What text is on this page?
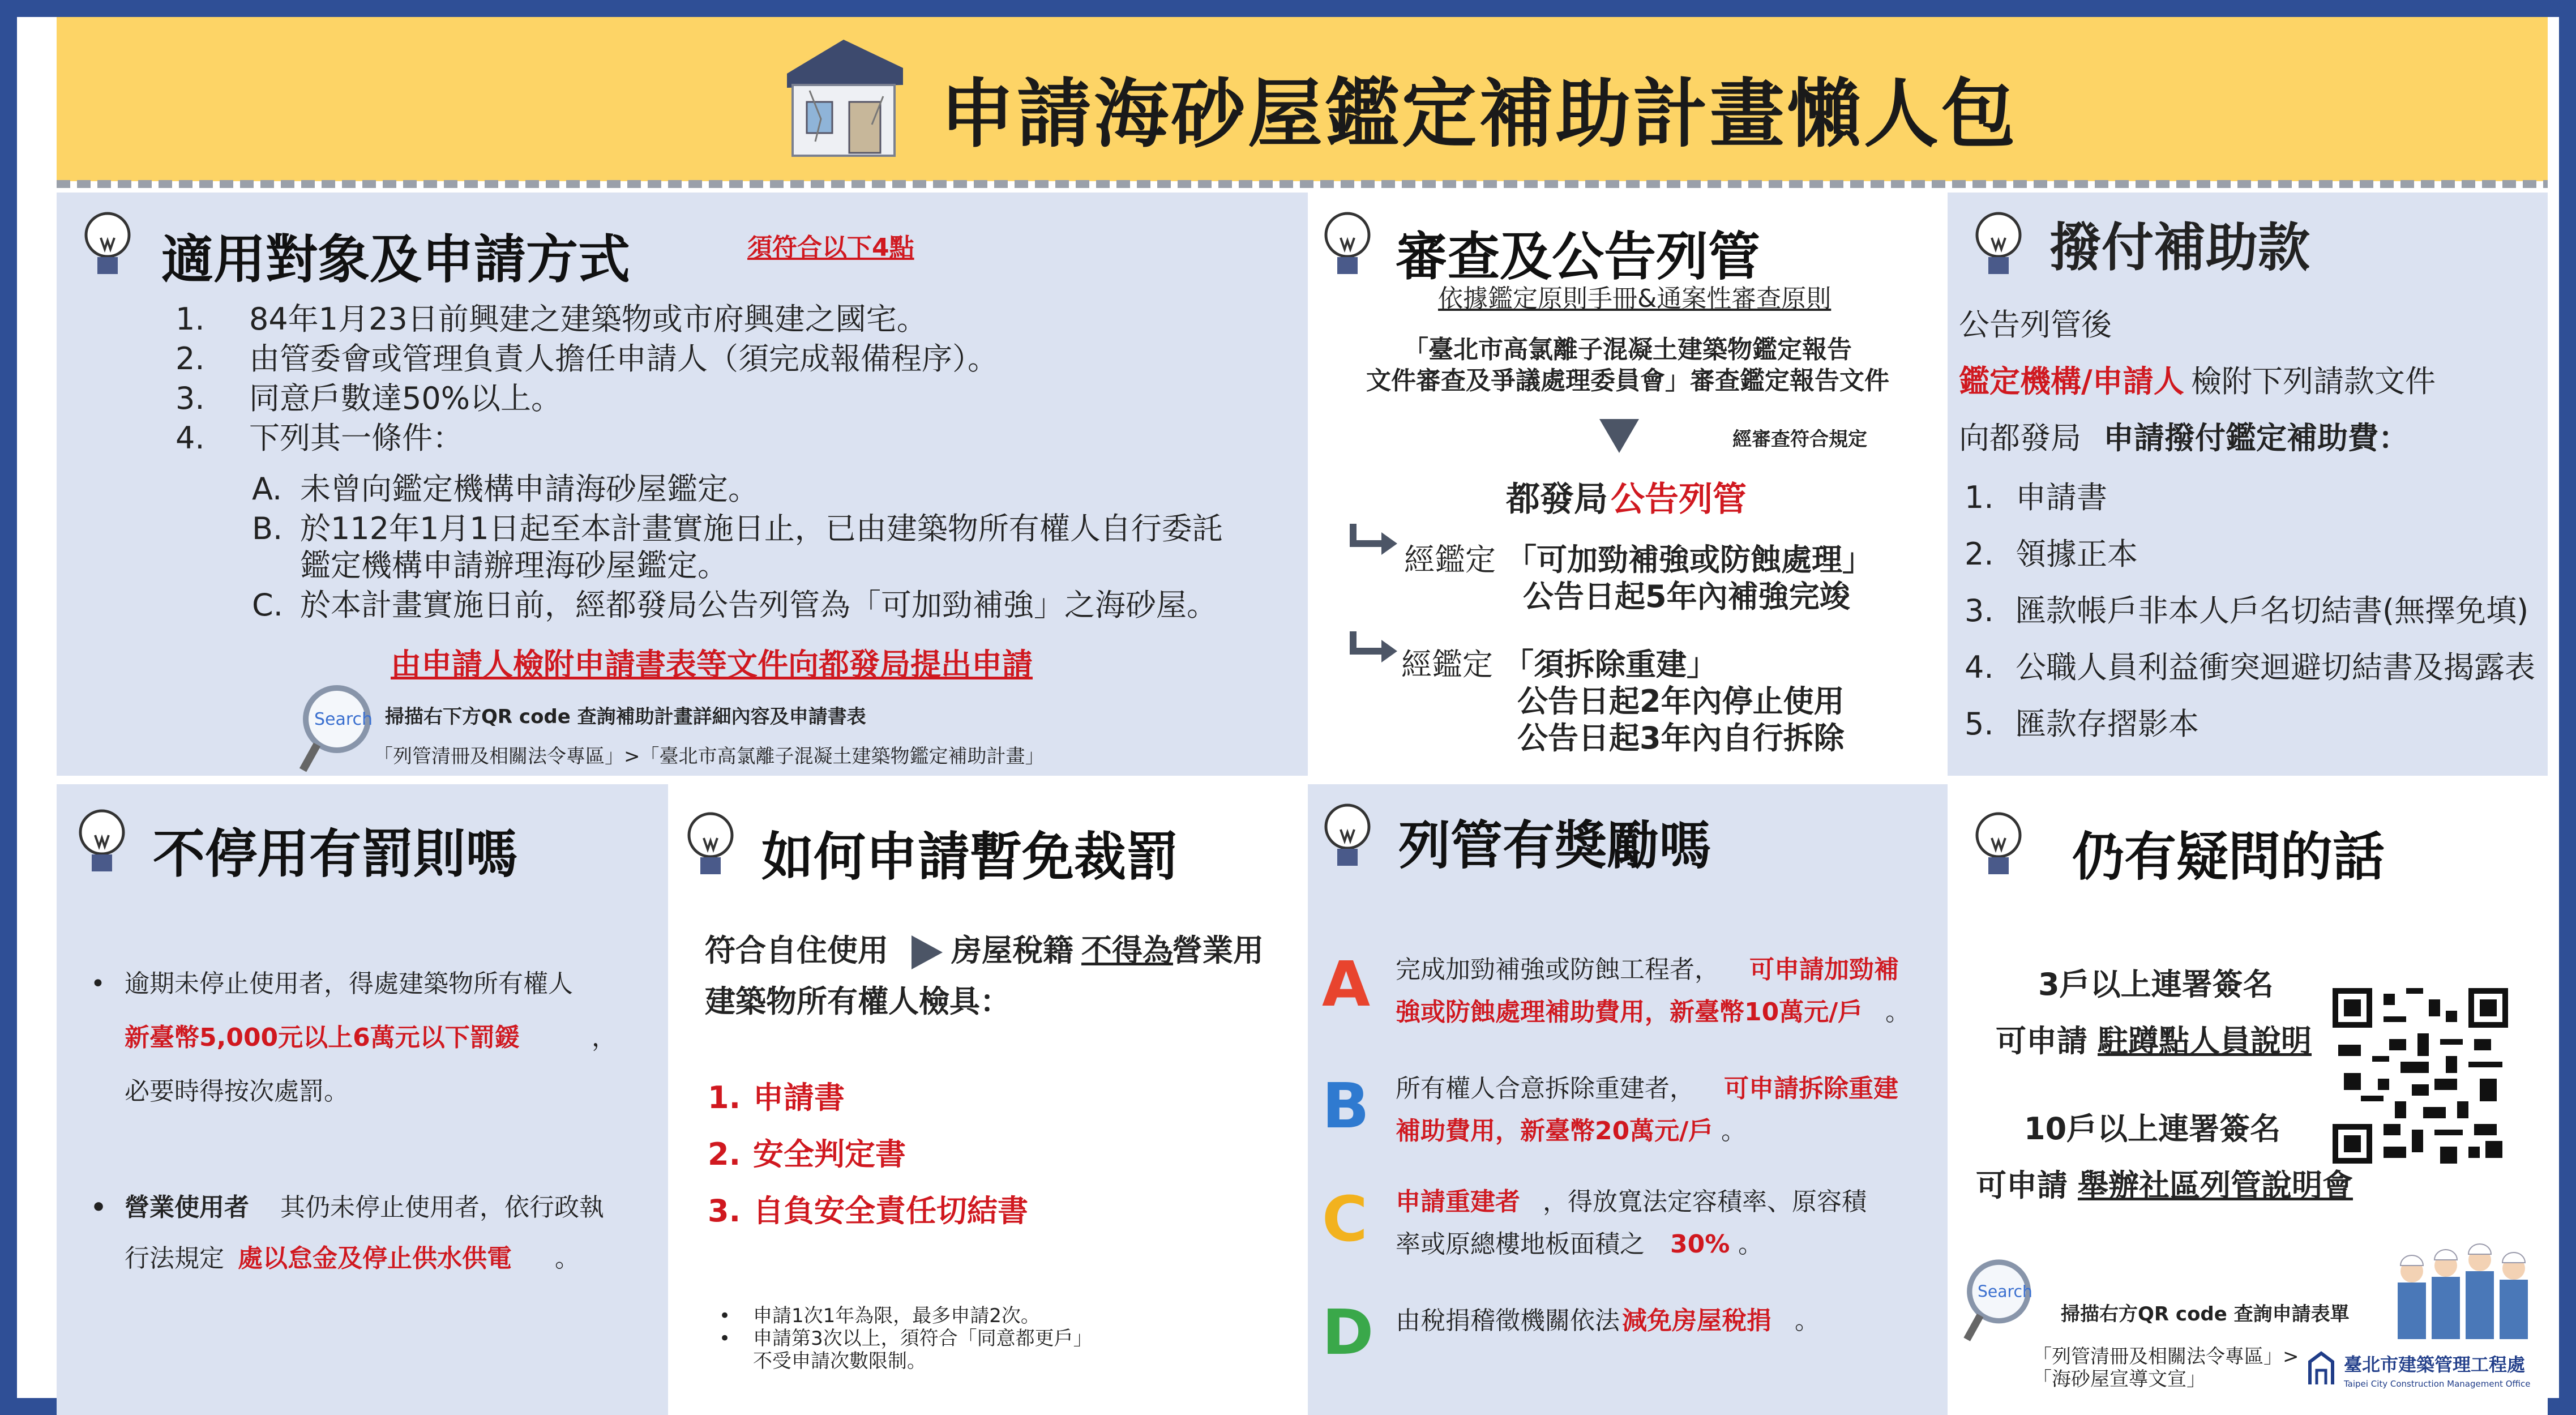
申請海砂屋鑑定補助計畫懶人包
適用對象及申請方式	須符合以下4點
1. 84年1月23日前興建之建築物或市府興建之國宅。
2. 由管委會或管理負責人擔任申請人（須完成報備程序）。
3. 同意戶數達50%以上。
4. 下列其一條件：
A. 未曾向鑑定機構申請海砂屋鑑定。
B. 於112年1月1日起至本計畫實施日止，已由建築物所有權人自行委託
鑑定機構申請辦理海砂屋鑑定。
C. 於本計畫實施日前，經都發局公告列管為「可加勁補強」之海砂屋。
由申請人檢附申請書表等文件向都發局提出申請
Search 掃描右下方QR code 查詢補助計畫詳細內容及申請書表
「列管清冊及相關法令專區」>「臺北市高氯離子混凝土建築物鑑定補助計畫」
審查及公告列管
依據鑑定原則手冊&通案性審查原則
「臺北市高氯離子混凝土建築物鑑定報告
文件審查及爭議處理委員會」審查鑑定報告文件
經審查符合規定
都發局 公告列管
經鑑定 「可加勁補強或防蝕處理」
公告日起5年內補強完竣
經鑑定 「須拆除重建」
公告日起2年內停止使用
公告日起3年內自行拆除
撥付補助款
公告列管後
鑑定機構/申請人 檢附下列請款文件
向都發局 申請撥付鑑定補助費：
1. 申請書
2. 領據正本
3. 匯款帳戶非本人戶名切結書(無擇免填)
4. 公職人員利益衝突迴避切結書及揭露表
5. 匯款存摺影本
不停用有罰則嗎
• 逾期未停止使用者，得處建築物所有權人
新臺幣5,000元以上6萬元以下罰鍰	，
必要時得按次處罰。
• 營業使用者 其仍未停止使用者，依行政執
行法規定 處以怠金及停止供水供電 。
如何申請暫免裁罰
符合自住使用 房屋稅籍 不得為
營業用
建築物所有權人檢具：
1. 申請書
2. 安全判定書
3. 自負安全責任切結書
• 申請1次1年為限，最多申請2次。
• 申請第3次以上，須符合「同意都更戶」
不受申請次數限制。
列管有獎勵嗎
A 完成加勁補強或防蝕工程者， 可申請加勁補
強或防蝕處理補助費用，新臺幣10萬元/戶 。
B 所有權人合意拆除重建者， 可申請拆除重建
補助費用，新臺幣20萬元/戶 。
C 申請重建者 ，得放寬法定容積率、原容積
率或原總樓地板面積之 30% 。
D 由稅捐稽徵機關依法 減免房屋稅捐 。
仍有疑問的話
3戶以上連署簽名
可申請 駐蹲點人員說明
10戶以上連署簽名
可申請 舉辦社區列管說明會
Search
掃描右方QR code 查詢申請表單
「列管清冊及相關法令專區」>
「海砂屋宣導文宣」
臺北市建築管理工程處
Taipei City Construction Management Office
